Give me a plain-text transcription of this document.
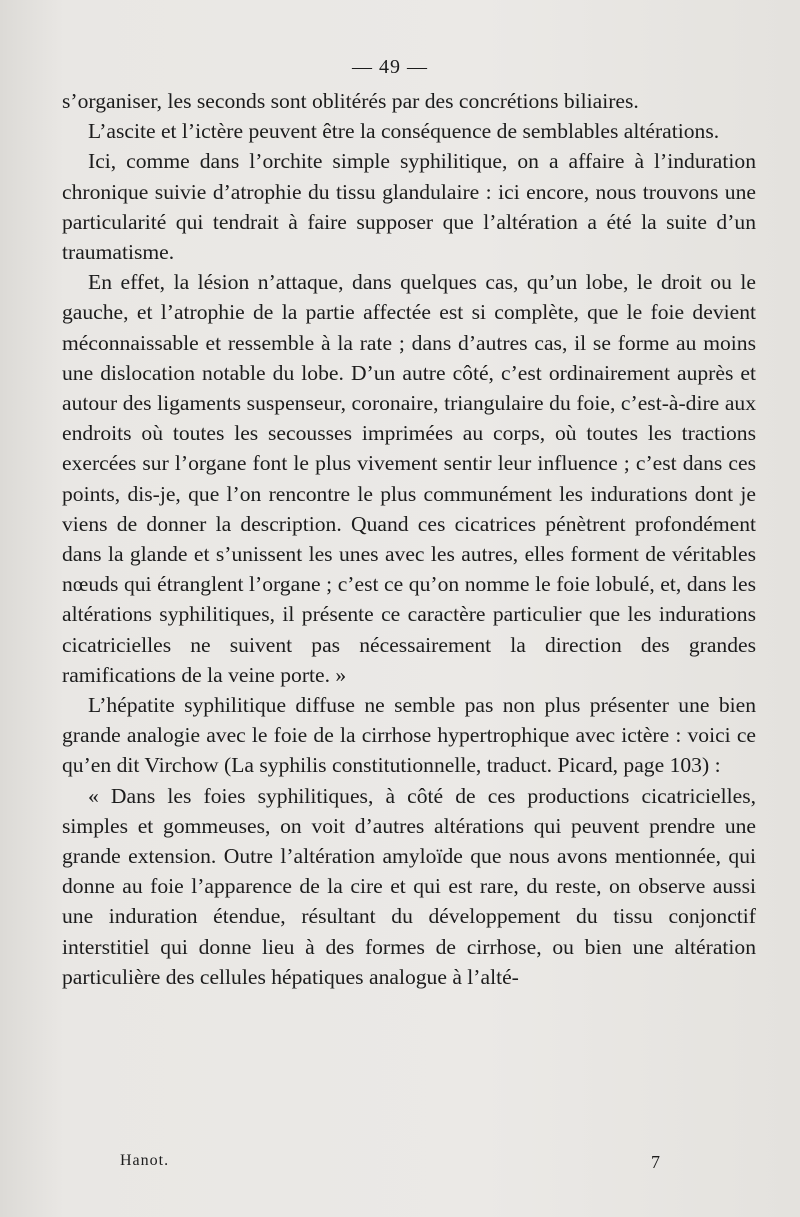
— 49 —

s’organiser, les seconds sont oblitérés par des concrétions biliaires.

L’ascite et l’ictère peuvent être la conséquence de semblables altérations.

Ici, comme dans l’orchite simple syphilitique, on a affaire à l’induration chronique suivie d’atrophie du tissu glandulaire : ici encore, nous trouvons une particularité qui tendrait à faire supposer que l’altération a été la suite d’un traumatisme.

En effet, la lésion n’attaque, dans quelques cas, qu’un lobe, le droit ou le gauche, et l’atrophie de la partie affectée est si complète, que le foie devient méconnaissable et ressemble à la rate ; dans d’autres cas, il se forme au moins une dislocation notable du lobe. D’un autre côté, c’est ordinairement auprès et autour des ligaments suspenseur, coronaire, triangulaire du foie, c’est-à-dire aux endroits où toutes les secousses imprimées au corps, où toutes les tractions exercées sur l’organe font le plus vivement sentir leur influence ; c’est dans ces points, dis-je, que l’on rencontre le plus communément les indurations dont je viens de donner la description. Quand ces cicatrices pénètrent profondément dans la glande et s’unissent les unes avec les autres, elles forment de véritables nœuds qui étranglent l’organe ; c’est ce qu’on nomme le foie lobulé, et, dans les altérations syphilitiques, il présente ce caractère particulier que les indurations cicatricielles ne suivent pas nécessairement la direction des grandes ramifications de la veine porte. »

L’hépatite syphilitique diffuse ne semble pas non plus présenter une bien grande analogie avec le foie de la cirrhose hypertrophique avec ictère : voici ce qu’en dit Virchow (La syphilis constitutionnelle, traduct. Picard, page 103) :

« Dans les foies syphilitiques, à côté de ces productions cicatricielles, simples et gommeuses, on voit d’autres altérations qui peuvent prendre une grande extension. Outre l’altération amyloïde que nous avons mentionnée, qui donne au foie l’apparence de la cire et qui est rare, du reste, on observe aussi une induration étendue, résultant du développement du tissu conjonctif interstitiel qui donne lieu à des formes de cirrhose, ou bien une altération particulière des cellules hépatiques analogue à l’alté-

Hanot.	7
